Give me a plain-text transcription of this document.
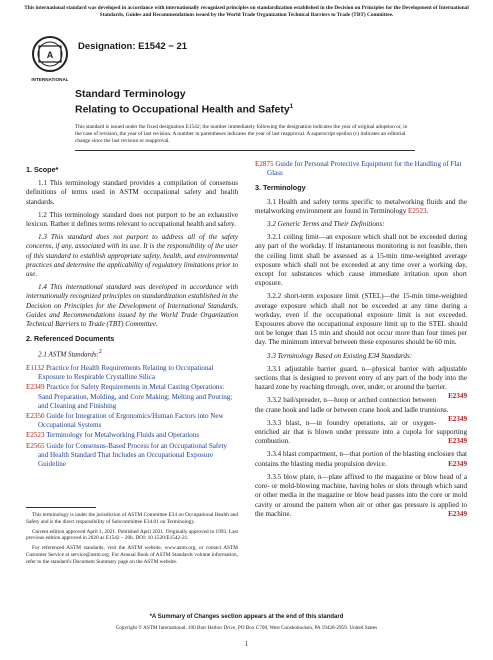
This international standard was developed in accordance with internationally recognized principles on standardization established in the Decision on Principles for the Development of International Standards, Guides and Recommendations issued by the World Trade Organization Technical Barriers to Trade (TBT) Committee.
A
INTERNATIONAL
Designation: E1542 − 21
Standard Terminology
Relating to Occupational Health and Safety$^1$
This standard is issued under the fixed designation E1542; the number immediately following the designation indicates the year of original adoption or, in the case of revision, the year of last revision. A number in parentheses indicates the year of last reapproval. A superscript epsilon (ε) indicates an editorial change since the last revision or reapproval.
1. Scope*

1.1 This terminology standard provides a compilation of consensus definitions of terms used in ASTM occupational safety and health standards.

1.2 This terminology standard does not purport to be an exhaustive lexicon. Rather it defines terms relevant to occupational health and safety.

1.3 This standard does not purport to address all of the safety concerns, if any, associated with its use. It is the responsibility of the user of this standard to establish appropriate safety, health, and environmental practices and determine the applicability of regulatory limitations prior to use.

1.4 This international standard was developed in accordance with internationally recognized principles on standardization established in the Decision on Principles for the Development of International Standards, Guides and Recommendations issued by the World Trade Organization Technical Barriers to Trade (TBT) Committee.

2. Referenced Documents

2.1 ASTM Standards:$^2$

E1132 Practice for Health Requirements Relating to Occupational Exposure to Respirable Crystalline Silica
E2349 Practice for Safety Requirements in Metal Casting Operations: Sand Preparation, Molding, and Core Making; Melting and Pouring; and Cleaning and Finishing
E2350 Guide for Integration of Ergonomics/Human Factors into New Occupational Systems
E2523 Terminology for Metalworking Fluids and Operations
E2565 Guide for Consensus-Based Process for an Occupational Safety and Health Standard That Includes an Occupational Exposure Guideline

This terminology is under the jurisdiction of ASTM Committee E34 on Occupational Health and Safety and is the direct responsibility of Subcommittee E34.01 on Terminology.

Current edition approved April 1, 2021. Published April 2021. Originally approved in 1993. Last previous edition approved in 2020 as E1542 – 20b. DOI: 10.1520/E1542-21.

For referenced ASTM standards, visit the ASTM website, www.astm.org, or contact ASTM Customer Service at service@astm.org. For Annual Book of ASTM Standards volume information, refer to the standard's Document Summary page on the ASTM website.

E2875 Guide for Personal Protective Equipment for the Handling of Flat Glass
3. Terminology

3.1 Health and safety terms specific to metalworking fluids and the metalworking environment are found in Terminology E2523.

3.2 Generic Terms and Their Definitions:

3.2.1 ceiling limit—an exposure which shall not be exceeded during any part of the workday. If instantaneous monitoring is not feasible, then the ceiling limit shall be assessed as a 15-min time-weighted average exposure which shall not be exceeded at any time over a working day, except for substances which cause immediate irritation upon short exposure.

3.2.2 short-term exposure limit (STEL)—the 15-min time-weighted average exposure which shall not be exceeded at any time during a workday, even if the occupational exposure limit is not exceeded. Exposures above the occupational exposure limit up to the STEL should not be longer than 15 min and should not occur more than four times per day. The minimum interval between these exposures should be 60 min.

3.3 Terminology Based on Existing E34 Standards:

3.3.1 adjustable barrier guard, n—physical barrier with adjustable sections that is designed to prevent entry of any part of the body into the hazard zone by reaching through, over, under, or around the barrier.
E2349

3.3.2 bail/spreader, n—hoop or arched connection between the crane hook and ladle or between crane hook and ladle trunnions.
E2349

3.3.3 blast, n—in foundry operations, air or oxygen-enriched air that is blown under pressure into a cupola for supporting combustion.	E2349

3.3.4 blast compartment, n—that portion of the blasting enclosure that contains the blasting media propulsion device.	E2349

3.3.5 blow plate, n—plate affixed to the magazine or blow head of a core- or mold-blowing machine, having holes or slots through which sand or other media in the magazine or blow head passes into the core or mold cavity or around the pattern when air or other gas pressure is applied to the machine.	E2349

*A Summary of Changes section appears at the end of this standard
Copyright © ASTM International, 100 Barr Harbor Drive, PO Box C700, West Conshohocken, PA 19428-2959. United States
1
